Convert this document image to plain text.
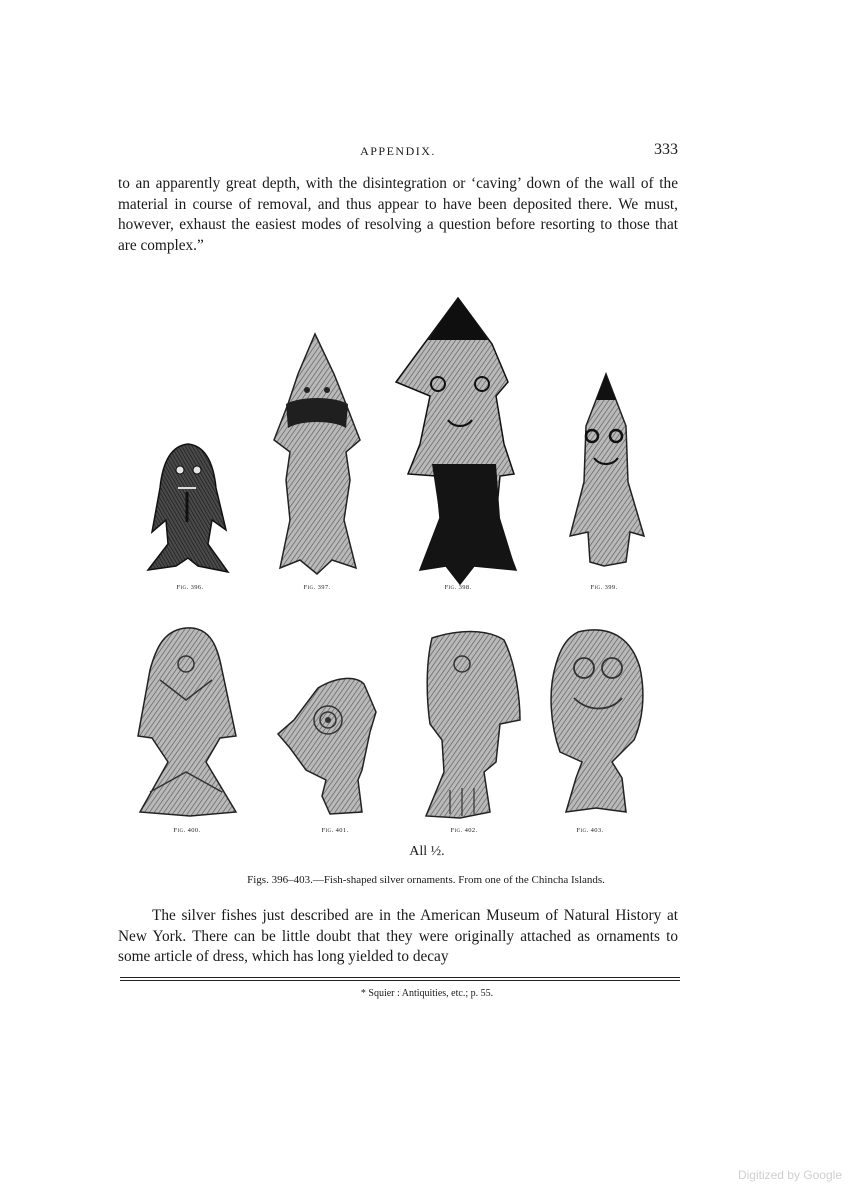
APPENDIX.	333

to an apparently great depth, with the disintegration or ‘caving’ down of the wall of the material in course of removal, and thus appear to have been deposited there. We must, however, exhaust the easiest modes of resolving a question before resorting to those that are complex.”

Fig. 396.	Fig. 397.	Fig. 398.	Fig. 399.
Fig. 400.	Fig. 401.	Fig. 402.	Fig. 403.
All ½.
Figs. 396–403.—Fish-shaped silver ornaments. From one of the Chincha Islands.

The silver fishes just described are in the American Museum of Natural History at New York. There can be little doubt that they were originally attached as ornaments to some article of dress, which has long yielded to decay

* Squier : Antiquities, etc.; p. 55.
Digitized by Google
